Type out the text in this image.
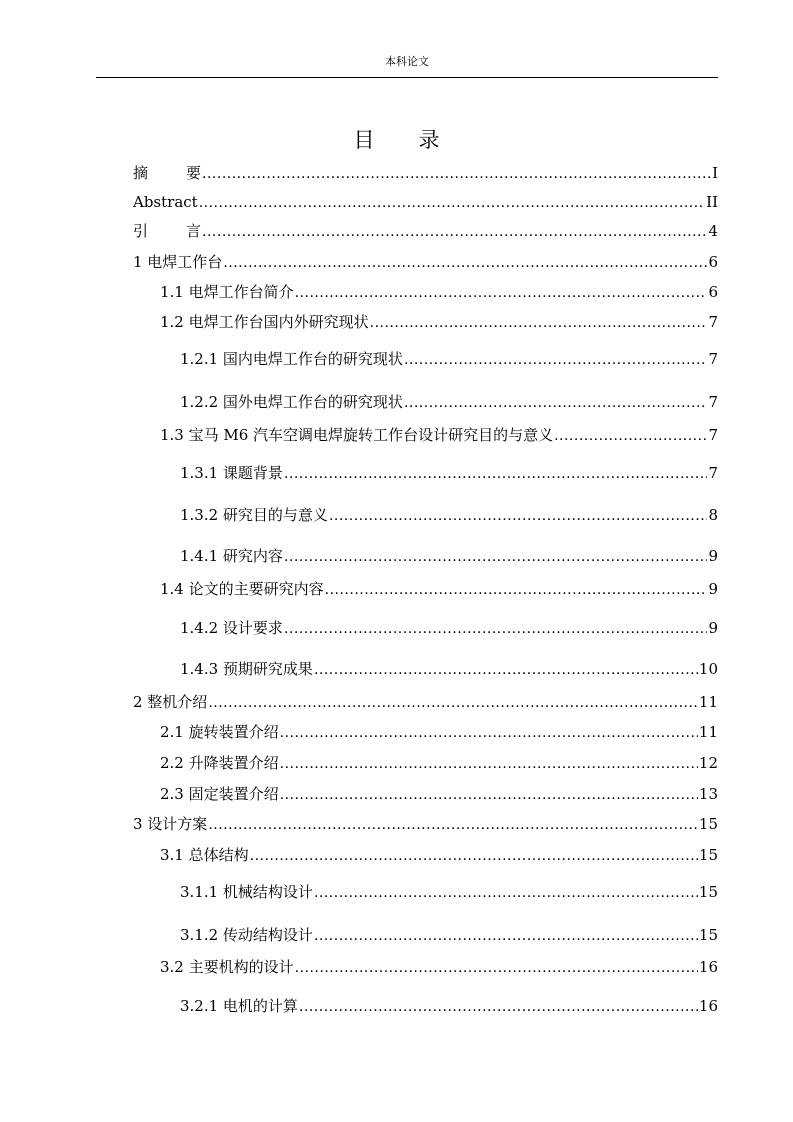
本科论文
目 录
摘	要 .....	I
Abstract .....	II
引	言 .....	4
1 电焊工作台 .....	6
1.1 电焊工作台简介 .....	6
1.2 电焊工作台国内外研究现状 .....	7
1.2.1 国内电焊工作台的研究现状 .....	7
1.2.2 国外电焊工作台的研究现状 .....	7
1.3 宝马 M6 汽车空调电焊旋转工作台设计研究目的与意义 .....	7
1.3.1 课题背景 .....	7
1.3.2 研究目的与意义 .....	8
1.4.1 研究内容 .....	9
1.4 论文的主要研究内容 .....	9
1.4.2 设计要求 .....	9
1.4.3 预期研究成果 .....	10
2 整机介绍 .....	11
2.1 旋转装置介绍 .....	11
2.2 升降装置介绍 .....	12
2.3 固定装置介绍 .....	13
3 设计方案 .....	15
3.1 总体结构 .....	15
3.1.1 机械结构设计 .....	15
3.1.2 传动结构设计 .....	15
3.2 主要机构的设计 .....	16
3.2.1 电机的计算 .....	16
